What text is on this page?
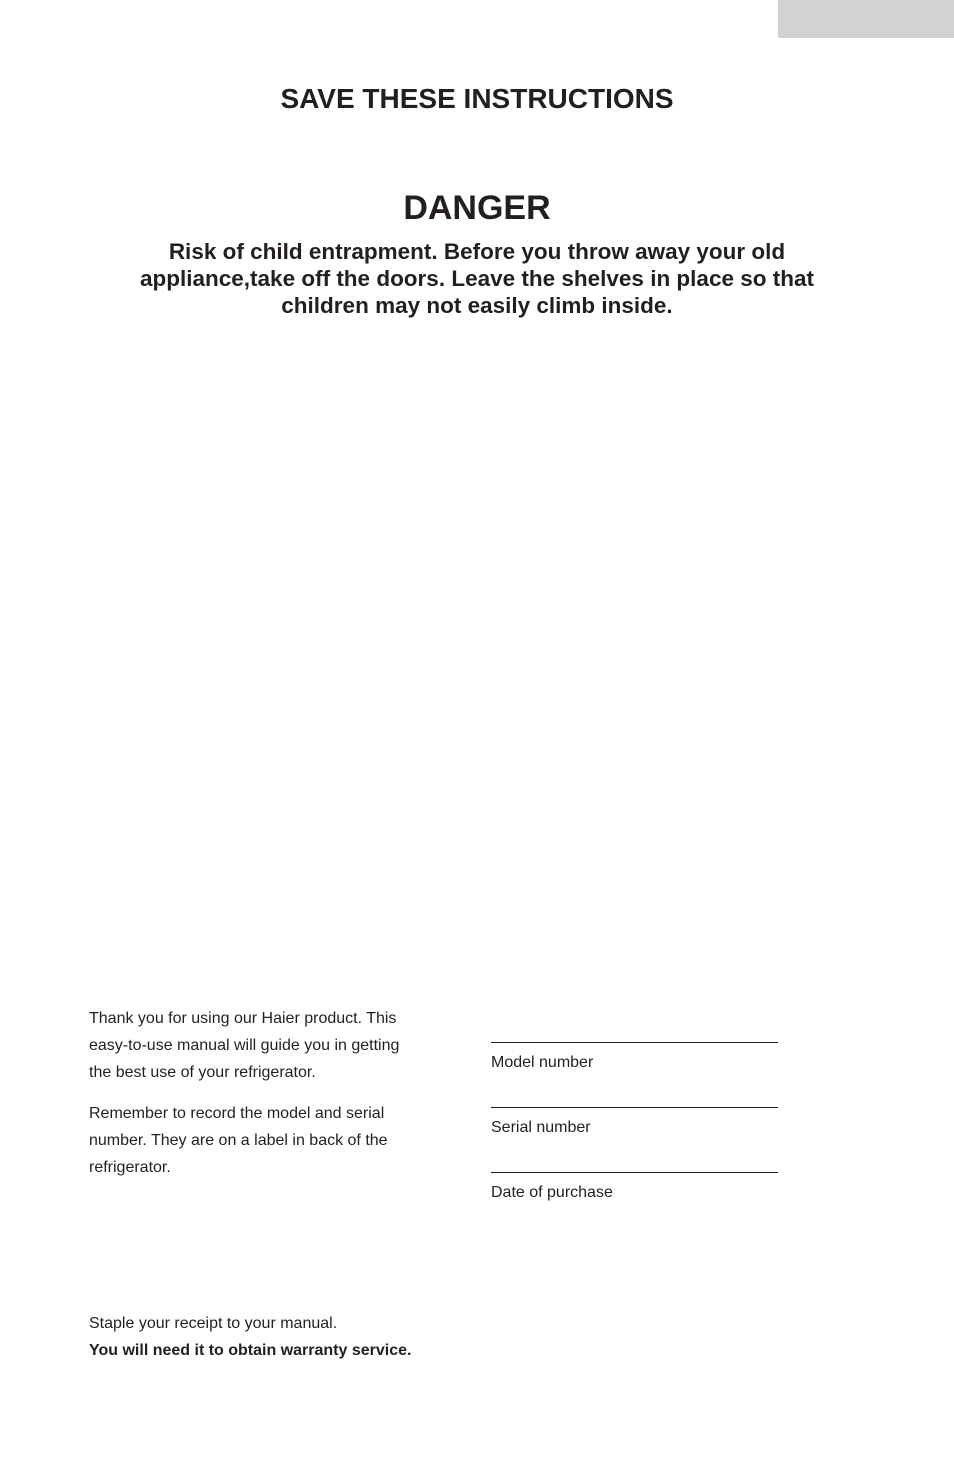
SAVE THESE INSTRUCTIONS
DANGER

Risk of child entrapment. Before you throw away your old
appliance,take off the doors. Leave the shelves in place so that
children may not easily climb inside.

Thank you for using our Haier product. This
easy-to-use manual will guide you in getting
the best use of your refrigerator.

Remember to record the model and serial
number. They are on a label in back of the
refrigerator.

Model number
Serial number
Date of purchase
Staple your receipt to your manual.
You will need it to obtain warranty service.
